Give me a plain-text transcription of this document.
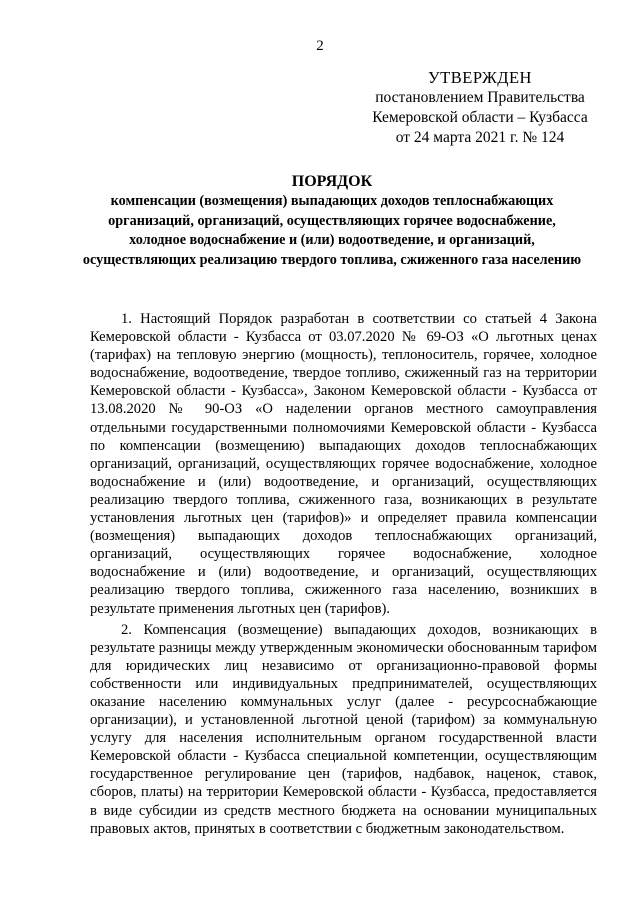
2
УТВЕРЖДЕН
постановлением Правительства
Кемеровской области – Кузбасса
от 24 марта 2021 г. № 124
ПОРЯДОК
компенсации (возмещения) выпадающих доходов теплоснабжающих организаций, организаций, осуществляющих горячее водоснабжение, холодное водоснабжение и (или) водоотведение, и организаций, осуществляющих реализацию твердого топлива, сжиженного газа населению

1. Настоящий Порядок разработан в соответствии со статьей 4 Закона Кемеровской области - Кузбасса от 03.07.2020 № 69-ОЗ «О льготных ценах (тарифах) на тепловую энергию (мощность), теплоноситель, горячее, холодное водоснабжение, водоотведение, твердое топливо, сжиженный газ на территории Кемеровской области - Кузбасса», Законом Кемеровской области - Кузбасса от 13.08.2020 № 90-ОЗ «О наделении органов местного самоуправления отдельными государственными полномочиями Кемеровской области - Кузбасса по компенсации (возмещению) выпадающих доходов теплоснабжающих организаций, организаций, осуществляющих горячее водоснабжение, холодное водоснабжение и (или) водоотведение, и организаций, осуществляющих реализацию твердого топлива, сжиженного газа, возникающих в результате установления льготных цен (тарифов)» и определяет правила компенсации (возмещения) выпадающих доходов теплоснабжающих организаций, организаций, осуществляющих горячее водоснабжение, холодное водоснабжение и (или) водоотведение, и организаций, осуществляющих реализацию твердого топлива, сжиженного газа населению, возникших в результате применения льготных цен (тарифов).

2. Компенсация (возмещение) выпадающих доходов, возникающих в результате разницы между утвержденным экономически обоснованным тарифом для юридических лиц независимо от организационно-правовой формы собственности или индивидуальных предпринимателей, осуществляющих оказание населению коммунальных услуг (далее - ресурсоснабжающие организации), и установленной льготной ценой (тарифом) за коммунальную услугу для населения исполнительным органом государственной власти Кемеровской области - Кузбасса специальной компетенции, осуществляющим государственное регулирование цен (тарифов, надбавок, наценок, ставок, сборов, платы) на территории Кемеровской области - Кузбасса, предоставляется в виде субсидии из средств местного бюджета на основании муниципальных правовых актов, принятых в соответствии с бюджетным законодательством.
